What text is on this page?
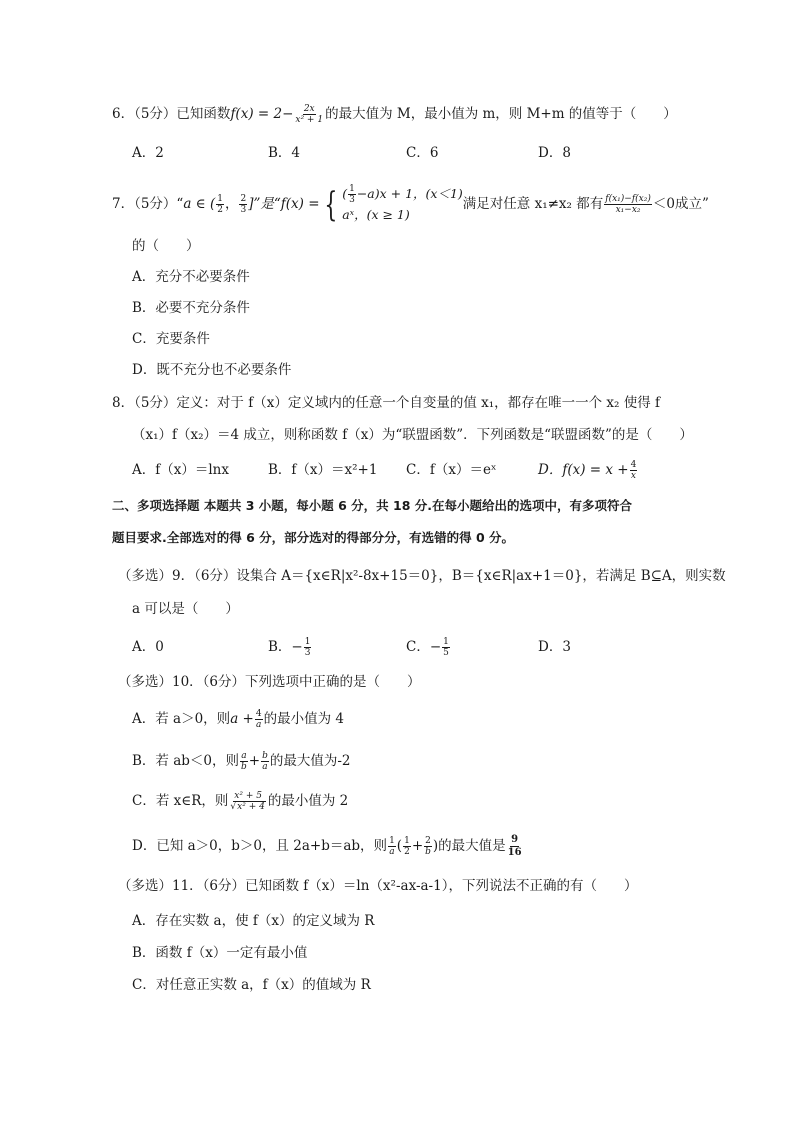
6．（5分）已知函数$f(x) = 2- \frac{2x}{\text{x² + 1}}$ 的最大值为 M，最小值为 m，则 M+m 的值等于（　　）
A．2	B．4	C．6	D．8
7．（5分）“a ∈ ( $\frac{1}{2}$ ， $\frac{2}{3}$ ]”是“f(x) = { ( $\frac{1}{3} -a)x + 1$，(x＜1)
aˣ，(x ≥ 1)
满足对任意 x₁≠x₂ 都有 $\frac{\text{f(x₁)−f(x₂)}}{\text{x₁−x₂}} <0$成立”
的（　　）
A．充分不必要条件
B．必要不充分条件
C．充要条件
D．既不充分也不必要条件
8．（5分）定义：对于 f（x）定义域内的任意一个自变量的值 x₁，都存在唯一一个 x₂ 使得 f
（x₁）f（x₂）＝4 成立，则称函数 f（x）为“联盟函数”．下列函数是“联盟函数”的是（　　）
A．f（x）＝lnx	B．f（x）＝x²+1 C．f（x）＝eˣ	D．$f(x) = x + \frac{4}{x}$
二、多项选择题 本题共 3 小题，每小题 6 分，共 18 分.在每小题给出的选项中，有多项符合
题目要求.全部选对的得 6 分，部分选对的得部分分，有选错的得 0 分。
（多选）9．（6分）设集合 A＝{x∈R|x²-8x+15＝0}，B＝{x∈R|ax+1＝0}，若满足 B⊆A，则实数
a 可以是（　　）
A．0	B．− $\frac{1}{3}$	C．− $\frac{1}{5}$	D．3
（多选）10．（6分）下列选项中正确的是（　　）
A．若 a＞0，则$a + \frac{4}{a}$ 的最小值为 4
B．若 ab＜0，则 $\frac{a}{b} + \frac{b}{a}$ 的最大值为-2
C．若 x∈R，则 $\frac{\text{x² + 5}}{\text{√x² + 4}}$ 的最小值为 2
D．已知 a＞0，b＞0，且 2a+b＝ab，则 $\frac{1}{a}$ ( $\frac{1}{2} + \frac{2}{b}$ )的最大值是 $\frac{9}{16}$
（多选）11．（6分）已知函数 f（x）＝ln（x²-ax-a-1），下列说法不正确的有（　　）
A．存在实数 a，使 f（x）的定义域为 R
B．函数 f（x）一定有最小值
C．对任意正实数 a，f（x）的值域为 R
